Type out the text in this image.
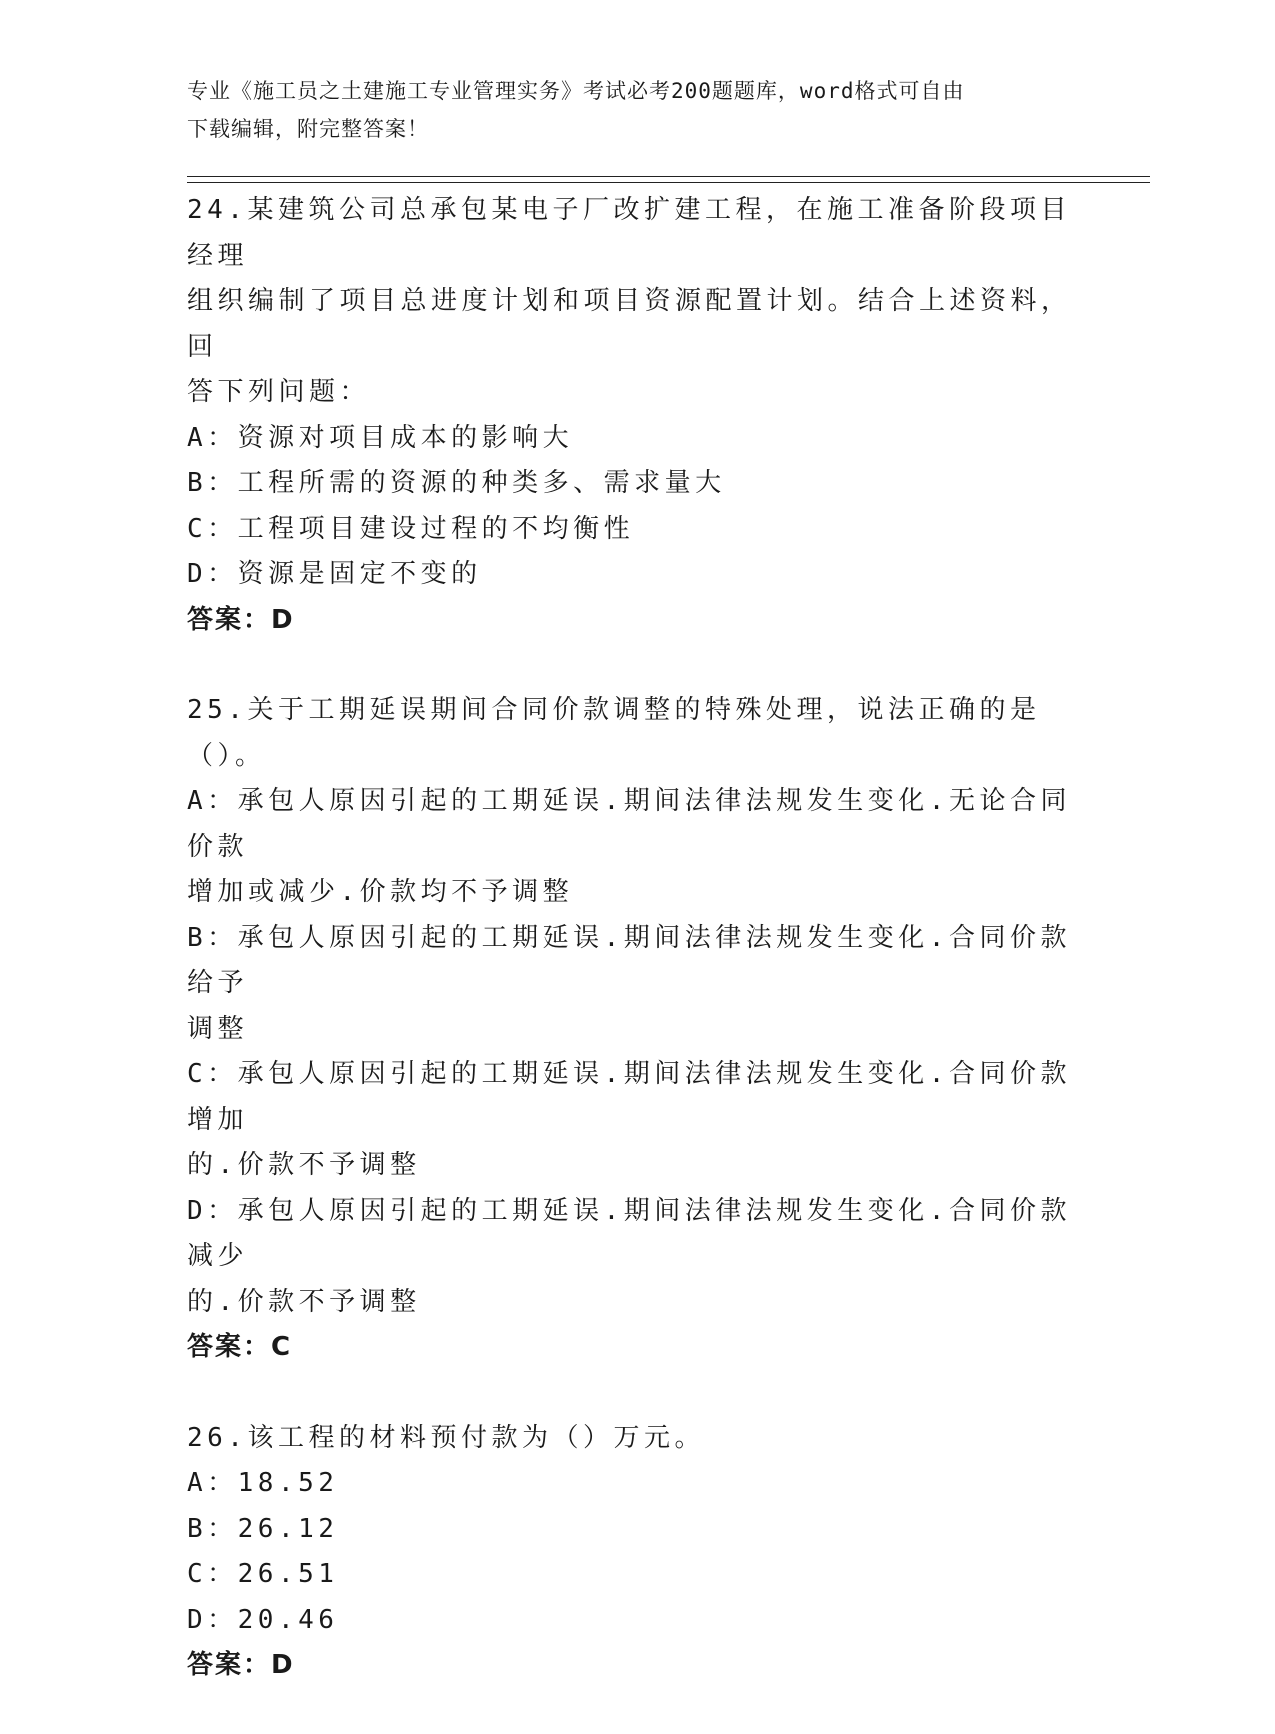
专业《施工员之土建施工专业管理实务》考试必考200题题库，word格式可自由
下载编辑，附完整答案！
24.某建筑公司总承包某电子厂改扩建工程，在施工准备阶段项目经理
组织编制了项目总进度计划和项目资源配置计划。结合上述资料，回
答下列问题：
A：资源对项目成本的影响大
B：工程所需的资源的种类多、需求量大
C：工程项目建设过程的不均衡性
D：资源是固定不变的
答案：D
25.关于工期延误期间合同价款调整的特殊处理，说法正确的是（）。
A：承包人原因引起的工期延误.期间法律法规发生变化.无论合同价款
增加或减少.价款均不予调整
B：承包人原因引起的工期延误.期间法律法规发生变化.合同价款给予
调整
C：承包人原因引起的工期延误.期间法律法规发生变化.合同价款增加
的.价款不予调整
D：承包人原因引起的工期延误.期间法律法规发生变化.合同价款减少
的.价款不予调整
答案：C
26.该工程的材料预付款为（）万元。
A：18.52
B：26.12
C：26.51
D：20.46
答案：D
